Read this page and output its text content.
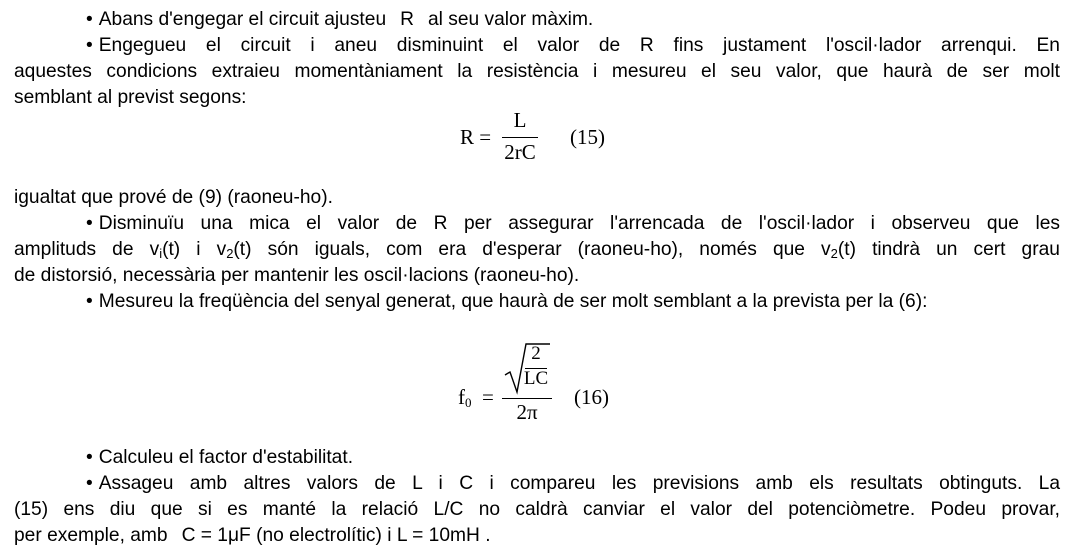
• Abans d'engegar el circuit ajusteu R al seu valor màxim.
• Engegueu el circuit i aneu disminuint el valor de R fins justament l'oscil·lador arrenqui. En
aquestes condicions extraieu momentàniament la resistència i mesureu el seu valor, que haurà de ser molt
semblant al previst segons:
R =
L
2rC
(15)
igualtat que prové de (9) (raoneu-ho).
• Disminuïu una mica el valor de R per assegurar l'arrencada de l'oscil·lador i observeu que les
amplituds de $v_i(t)$ i $v_2(t)$ són iguals, com era d'esperar (raoneu-ho), només que $v_2(t)$ tindrà un cert grau
de distorsió, necessària per mantenir les oscil·lacions (raoneu-ho).
• Mesureu la freqüència del senyal generat, que haurà de ser molt semblant a la prevista per la (6):
$f_0$ =
2
LC
2π
(16)
• Calculeu el factor d'estabilitat.
• Assageu amb altres valors de L i C i compareu les previsions amb els resultats obtinguts. La
(15) ens diu que si es manté la relació L/C no caldrà canviar el valor del potenciòmetre. Podeu provar,
per exemple, amb C = 1μF (no electrolític) i L = 10mH .
